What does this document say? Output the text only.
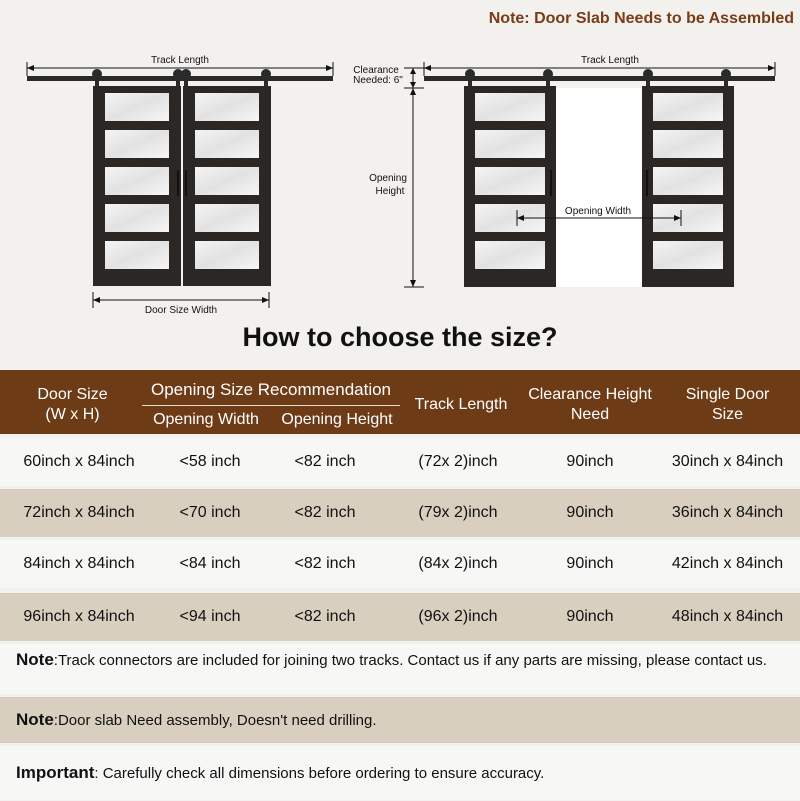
Note: Door Slab Needs to be Assembled
Track Length
Door Size Width
Clearance
Needed: 6"
Track Length
Opening
Height
Opening Width
How to choose the size?
Door Size
(W x H)
Opening Size Recommendation
Opening Width	Opening Height
Track Length
Clearance Height
Need
Single Door
Size
60inch x 84inch	<58 inch	<82 inch	(72x 2)inch	90inch	30inch x 84inch
72inch x 84inch	<70 inch	<82 inch	(79x 2)inch	90inch	36inch x 84inch
84inch x 84inch	<84 inch	<82 inch	(84x 2)inch	90inch	42inch x 84inch
96inch x 84inch	<94 inch	<82 inch	(96x 2)inch	90inch	48inch x 84inch
Note:Track connectors are included for joining two tracks. Contact us if any parts are missing, please contact us.
Note:Door slab Need assembly, Doesn't need drilling.
Important: Carefully check all dimensions before ordering to ensure accuracy.
